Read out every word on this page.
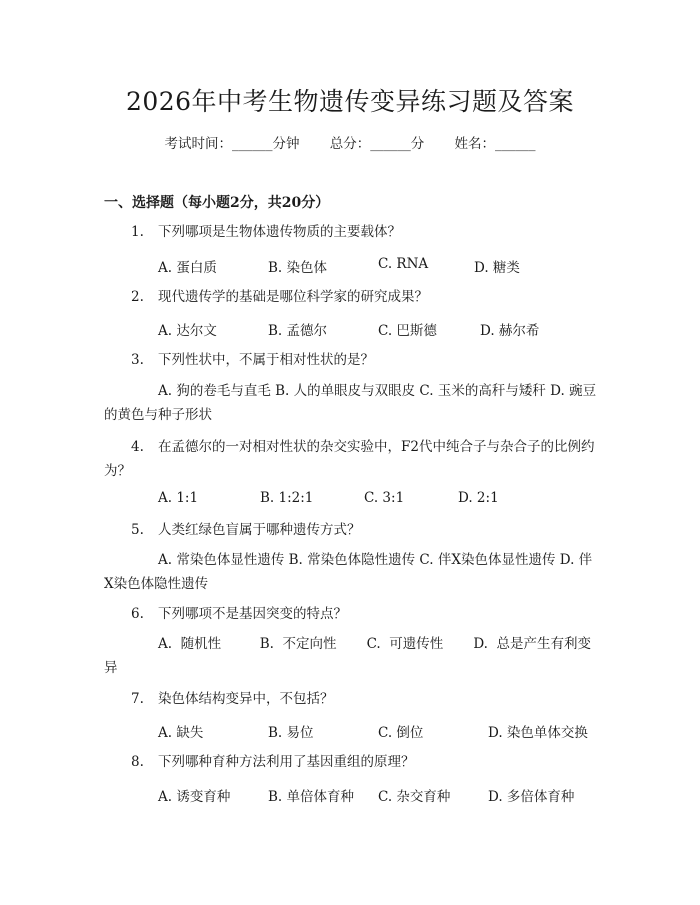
2026年中考生物遗传变异练习题及答案
考试时间：______分钟 总分：______分 姓名：______
一、选择题（每小题2分，共20分）

1. 下列哪项是生物体遗传物质的主要载体？

A. 蛋白质	B. 染色体	C. RNA	D. 糖类

2. 现代遗传学的基础是哪位科学家的研究成果？

A. 达尔文	B. 孟德尔	C. 巴斯德	D. 赫尔希

3. 下列性状中，不属于相对性状的是？

A. 狗的卷毛与直毛 B. 人的单眼皮与双眼皮 C. 玉米的高秆与矮秆 D. 豌豆的黄色与种子形状

4. 在孟德尔的一对相对性状的杂交实验中，F2代中纯合子与杂合子的比例约为？

A. 1:1	B. 1:2:1	C. 3:1	D. 2:1

5. 人类红绿色盲属于哪种遗传方式？

A. 常染色体显性遗传 B. 常染色体隐性遗传 C. 伴X染色体显性遗传 D. 伴X染色体隐性遗传

6. 下列哪项不是基因突变的特点？

A.  随机性         B.  不定向性       C.  可遗传性       D.  总是产生有利变异

7. 染色体结构变异中，不包括？

A. 缺失	B. 易位	C. 倒位	D. 染色单体交换

8. 下列哪种育种方法利用了基因重组的原理？

A. 诱变育种	B. 单倍体育种 C. 杂交育种	D. 多倍体育种
